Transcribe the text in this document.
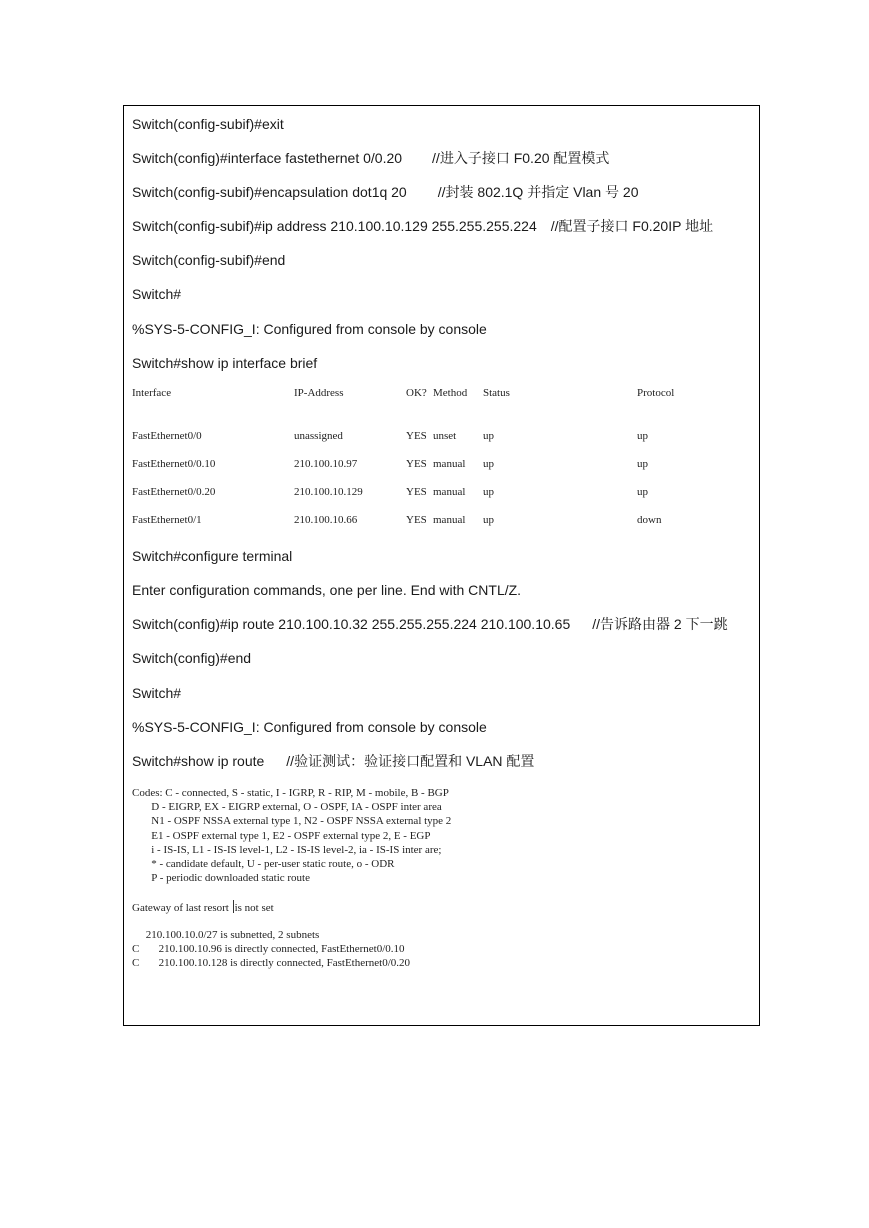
Switch(config-subif)#exit
Switch(config)#interface fastethernet 0/0.20 //进入子接口 F0.20 配置模式
Switch(config-subif)#encapsulation dot1q 20 //封装 802.1Q 并指定 Vlan 号 20
Switch(config-subif)#ip address 210.100.10.129 255.255.255.224 //配置子接口 F0.20IP 地址
Switch(config-subif)#end
Switch#
%SYS-5-CONFIG_I: Configured from console by console
Switch#show ip interface brief
Interface	IP-Address	OK? Method Status	Protocol
FastEthernet0/0	unassigned	YES unset up	up
FastEthernet0/0.10	210.100.10.97	YES manual up	up
FastEthernet0/0.20	210.100.10.129	YES manual up	up
FastEthernet0/1	210.100.10.66	YES manual up	down
Switch#configure terminal
Enter configuration commands, one per line. End with CNTL/Z.
Switch(config)#ip route 210.100.10.32 255.255.255.224 210.100.10.65 //告诉路由器 2 下一跳
Switch(config)#end
Switch#
%SYS-5-CONFIG_I: Configured from console by console
Switch#show ip route //验证测试：验证接口配置和 VLAN 配置
Codes: C - connected, S - static, I - IGRP, R - RIP, M - mobile, B - BGP
D - EIGRP, EX - EIGRP external, O - OSPF, IA - OSPF inter area
N1 - OSPF NSSA external type 1, N2 - OSPF NSSA external type 2
E1 - OSPF external type 1, E2 - OSPF external type 2, E - EGP
i - IS-IS, L1 - IS-IS level-1, L2 - IS-IS level-2, ia - IS-IS inter are;
* - candidate default, U - per-user static route, o - ODR
P - periodic downloaded static route
Gateway of last resort is not set
210.100.10.0/27 is subnetted, 2 subnets
C       210.100.10.96 is directly connected, FastEthernet0/0.10
C       210.100.10.128 is directly connected, FastEthernet0/0.20
